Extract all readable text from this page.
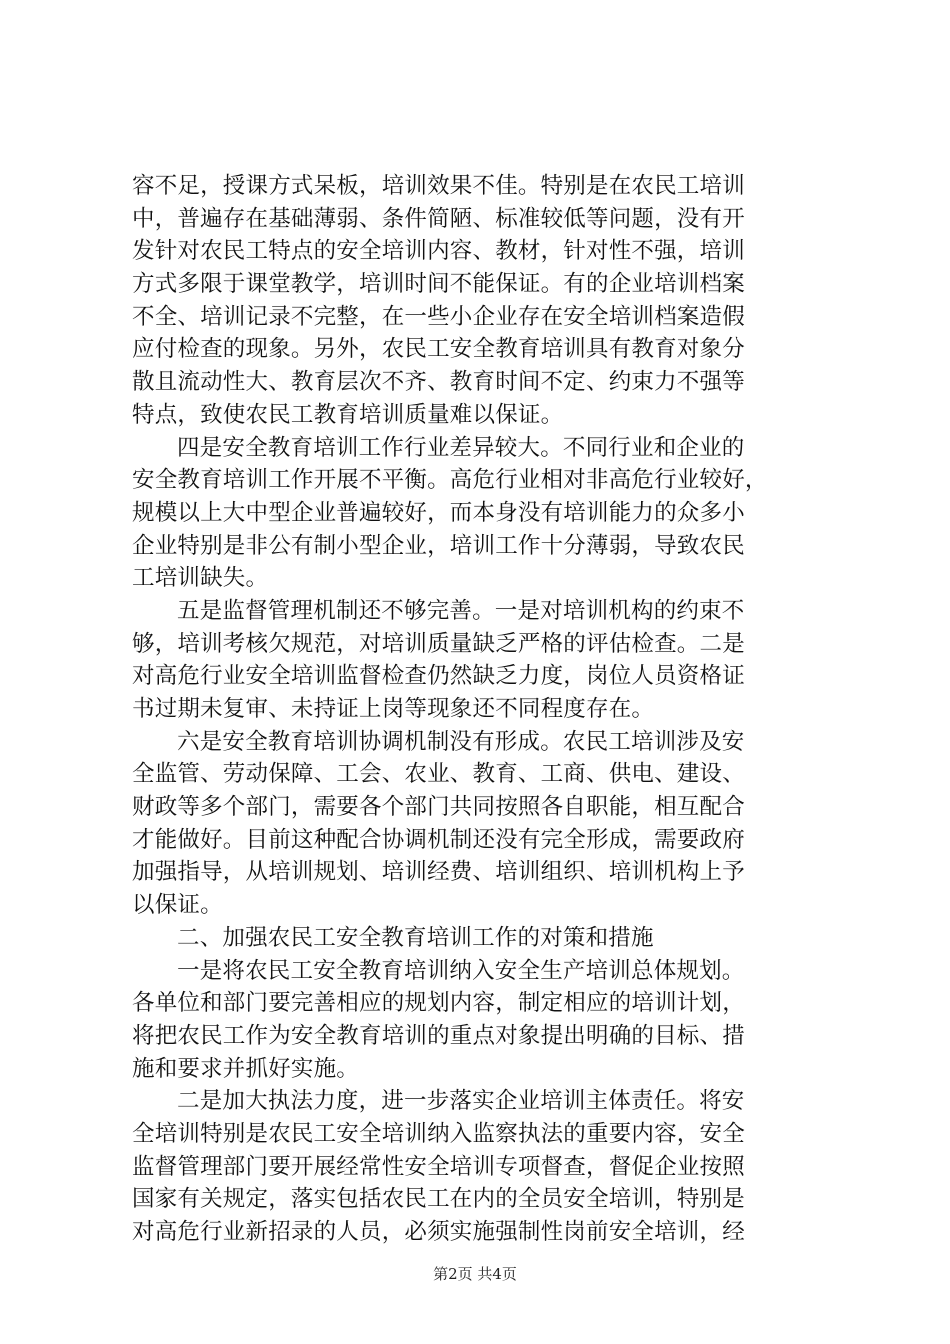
容不足，授课方式呆板，培训效果不佳。特别是在农民工培训
中，普遍存在基础薄弱、条件简陋、标准较低等问题，没有开
发针对农民工特点的安全培训内容、教材，针对性不强，培训
方式多限于课堂教学，培训时间不能保证。有的企业培训档案
不全、培训记录不完整，在一些小企业存在安全培训档案造假
应付检查的现象。另外，农民工安全教育培训具有教育对象分
散且流动性大、教育层次不齐、教育时间不定、约束力不强等
特点，致使农民工教育培训质量难以保证。
四是安全教育培训工作行业差异较大。不同行业和企业的
安全教育培训工作开展不平衡。高危行业相对非高危行业较好，
规模以上大中型企业普遍较好，而本身没有培训能力的众多小
企业特别是非公有制小型企业，培训工作十分薄弱，导致农民
工培训缺失。
五是监督管理机制还不够完善。一是对培训机构的约束不
够，培训考核欠规范，对培训质量缺乏严格的评估检查。二是
对高危行业安全培训监督检查仍然缺乏力度，岗位人员资格证
书过期未复审、未持证上岗等现象还不同程度存在。
六是安全教育培训协调机制没有形成。农民工培训涉及安
全监管、劳动保障、工会、农业、教育、工商、供电、建设、
财政等多个部门，需要各个部门共同按照各自职能，相互配合
才能做好。目前这种配合协调机制还没有完全形成，需要政府
加强指导，从培训规划、培训经费、培训组织、培训机构上予
以保证。
二、加强农民工安全教育培训工作的对策和措施
一是将农民工安全教育培训纳入安全生产培训总体规划。
各单位和部门要完善相应的规划内容，制定相应的培训计划，
将把农民工作为安全教育培训的重点对象提出明确的目标、措
施和要求并抓好实施。
二是加大执法力度，进一步落实企业培训主体责任。将安
全培训特别是农民工安全培训纳入监察执法的重要内容，安全
监督管理部门要开展经常性安全培训专项督查，督促企业按照
国家有关规定，落实包括农民工在内的全员安全培训，特别是
对高危行业新招录的人员，必须实施强制性岗前安全培训，经
第2页 共4页
